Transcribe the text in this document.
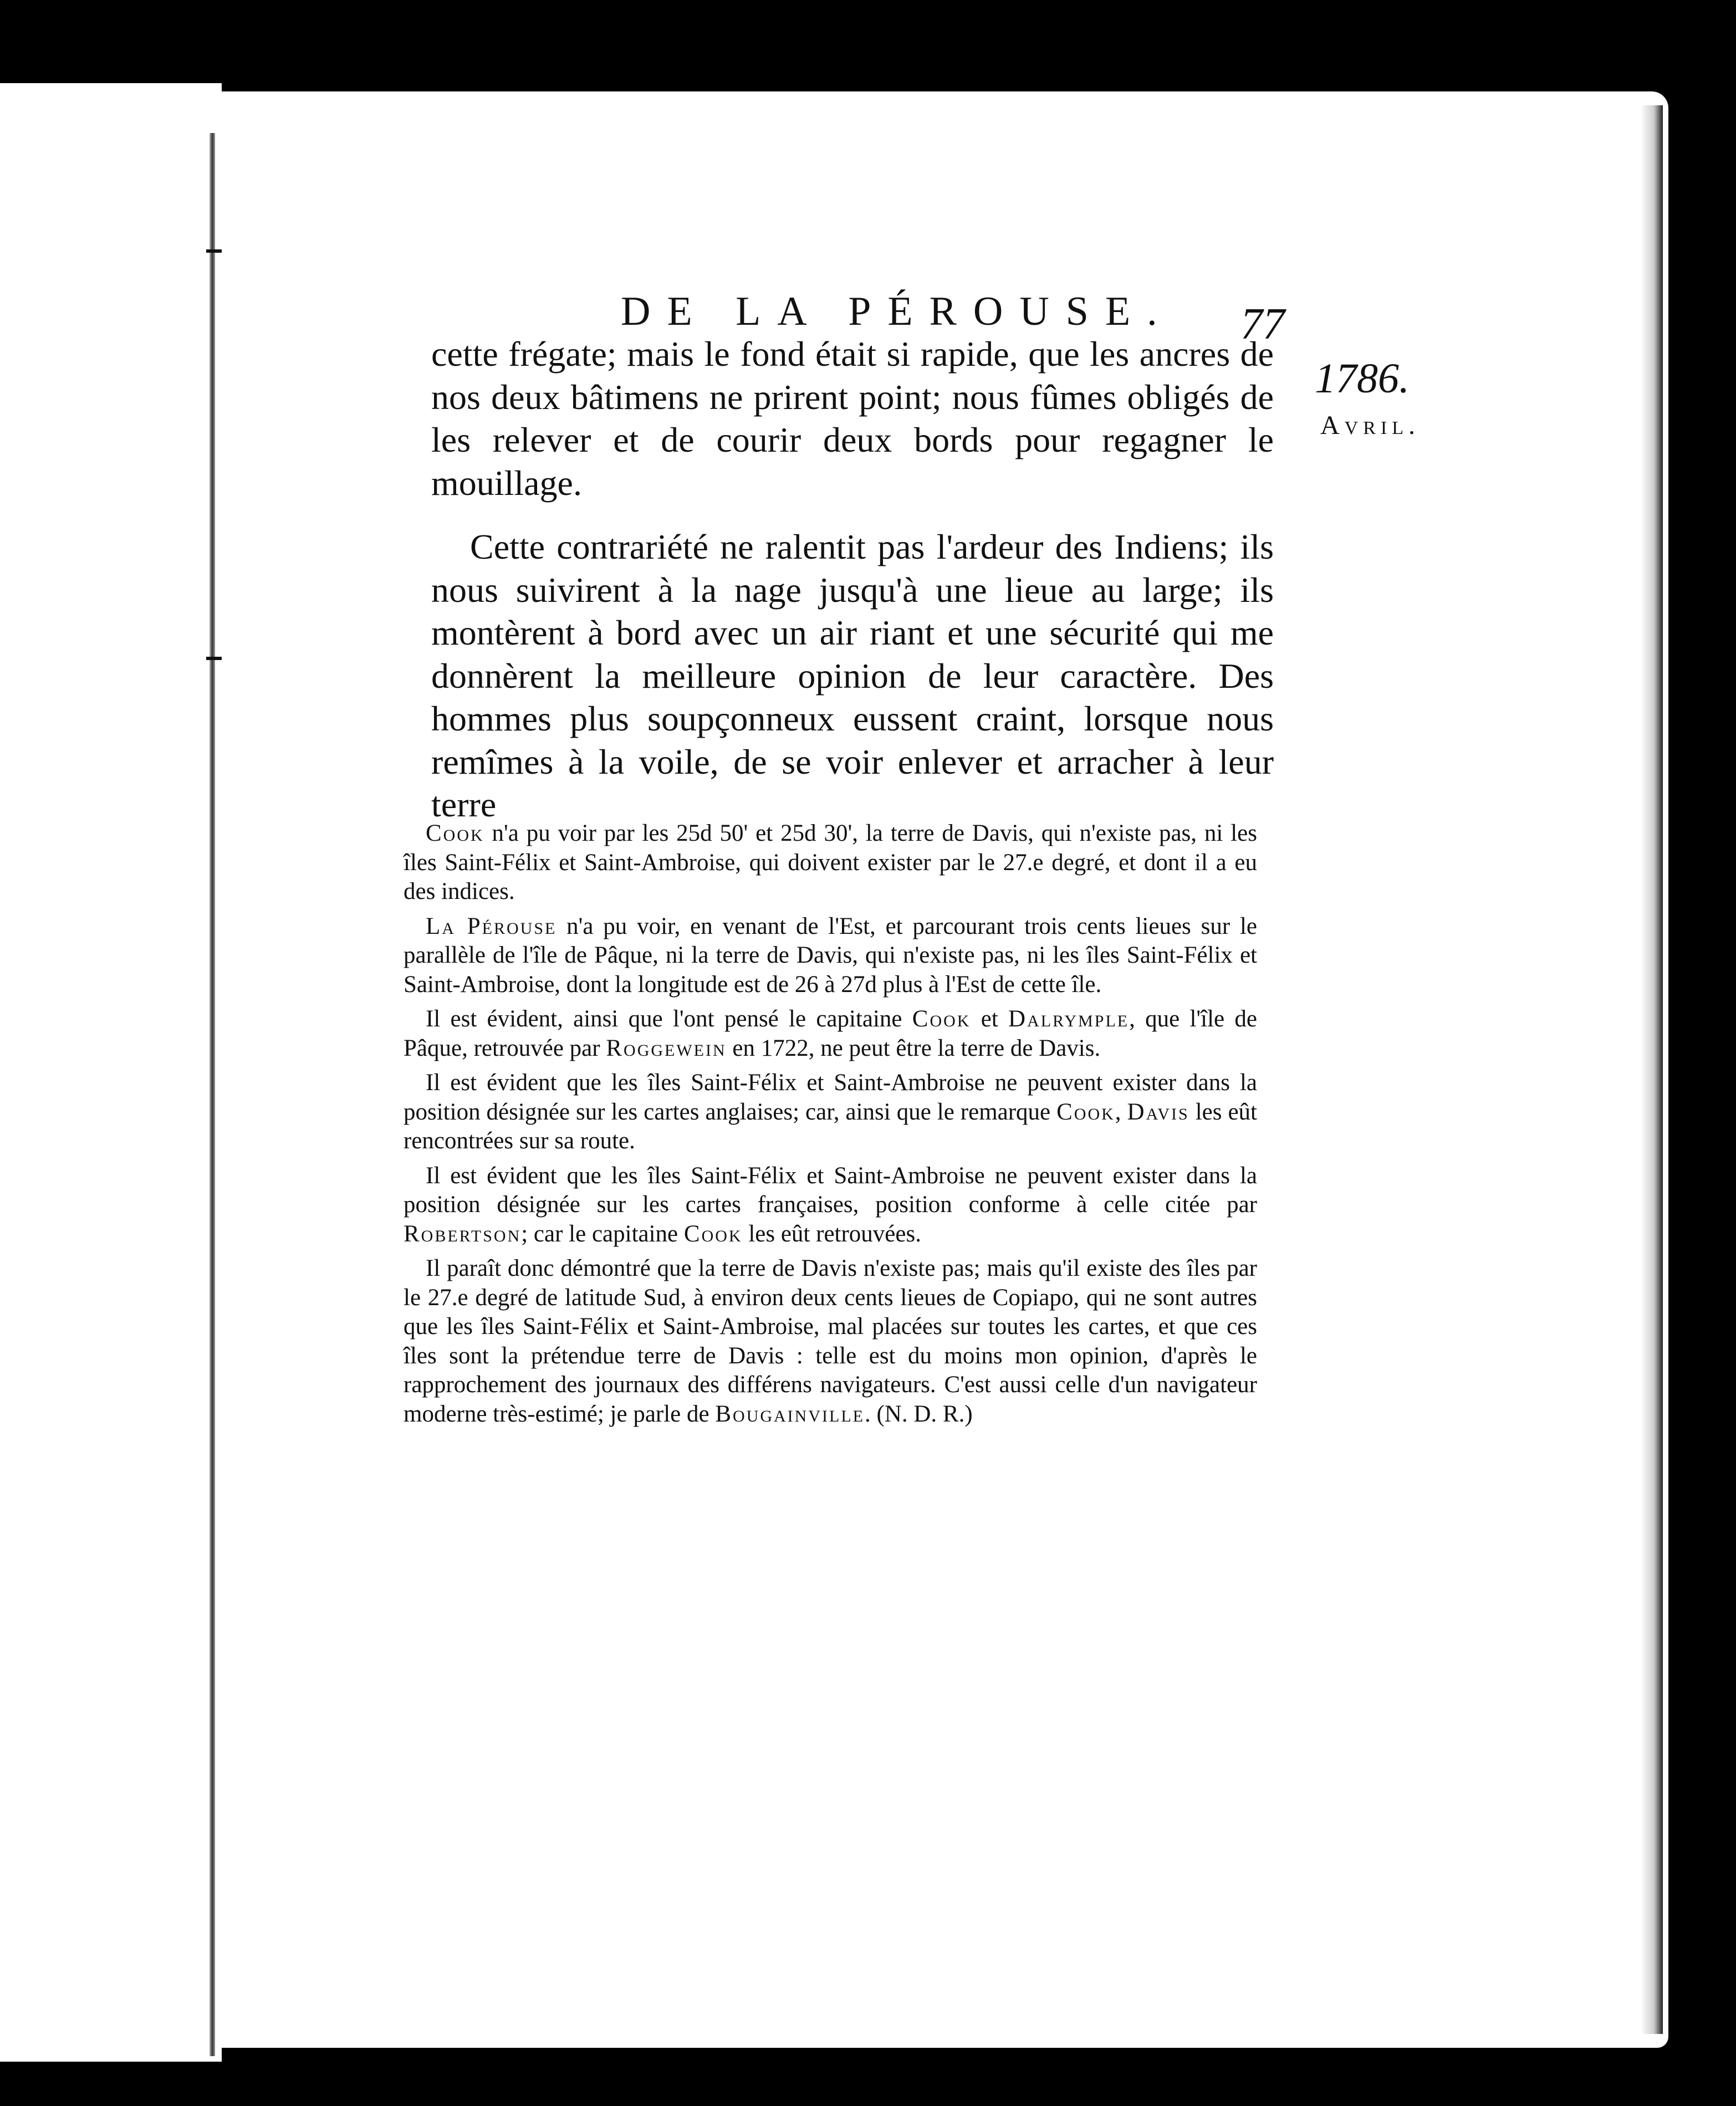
DE LA PÉROUSE. 77
1786.
Avril.

cette frégate; mais le fond était si rapide, que les ancres de nos deux bâtimens ne prirent point; nous fûmes obligés de les relever et de courir deux bords pour regagner le mouillage.

Cette contrariété ne ralentit pas l'ardeur des Indiens; ils nous suivirent à la nage jusqu'à une lieue au large; ils montèrent à bord avec un air riant et une sécurité qui me donnèrent la meilleure opinion de leur caractère. Des hommes plus soupçonneux eussent craint, lorsque nous remîmes à la voile, de se voir enlever et arracher à leur terre

Cook n'a pu voir par les 25d 50' et 25d 30', la terre de Davis, qui n'existe pas, ni les îles Saint-Félix et Saint-Ambroise, qui doivent exister par le 27.e degré, et dont il a eu des indices.

La Pérouse n'a pu voir, en venant de l'Est, et parcourant trois cents lieues sur le parallèle de l'île de Pâque, ni la terre de Davis, qui n'existe pas, ni les îles Saint-Félix et Saint-Ambroise, dont la longitude est de 26 à 27d plus à l'Est de cette île.

Il est évident, ainsi que l'ont pensé le capitaine Cook et Dalrymple, que l'île de Pâque, retrouvée par Roggewein en 1722, ne peut être la terre de Davis.

Il est évident que les îles Saint-Félix et Saint-Ambroise ne peuvent exister dans la position désignée sur les cartes anglaises; car, ainsi que le remarque Cook, Davis les eût rencontrées sur sa route.

Il est évident que les îles Saint-Félix et Saint-Ambroise ne peuvent exister dans la position désignée sur les cartes françaises, position conforme à celle citée par Robertson; car le capitaine Cook les eût retrouvées.

Il paraît donc démontré que la terre de Davis n'existe pas; mais qu'il existe des îles par le 27.e degré de latitude Sud, à environ deux cents lieues de Copiapo, qui ne sont autres que les îles Saint-Félix et Saint-Ambroise, mal placées sur toutes les cartes, et que ces îles sont la prétendue terre de Davis : telle est du moins mon opinion, d'après le rapprochement des journaux des différens navigateurs. C'est aussi celle d'un navigateur moderne très-estimé; je parle de Bougainville. (N. D. R.)
